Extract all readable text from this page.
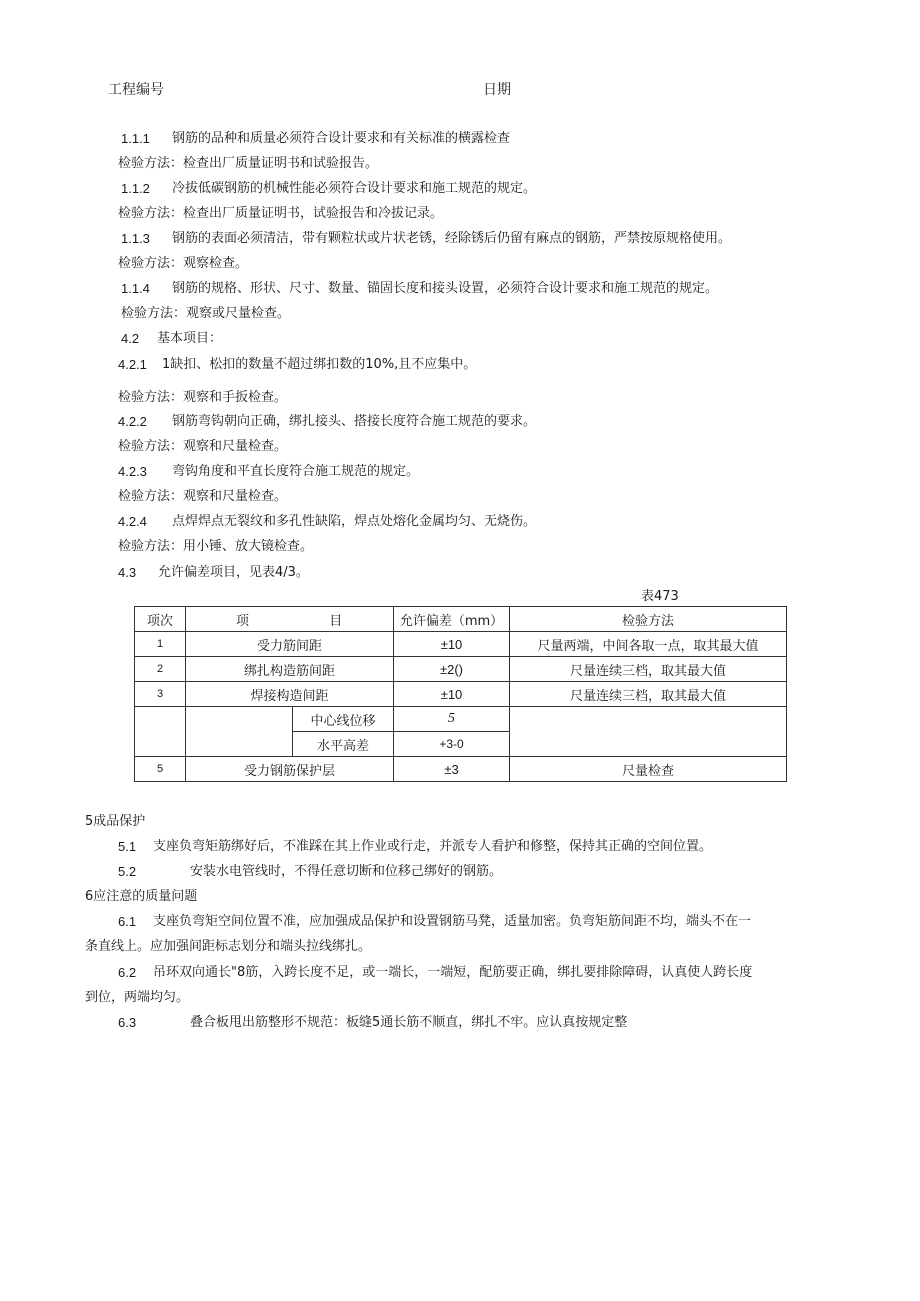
工程编号	日期
1.1.1 钢筋的品种和质量必须符合设计要求和有关标准的横露检查
检验方法：检查出厂质量证明书和试验报告。
1.1.2 冷拔低碳钢筋的机械性能必须符合设计要求和施工规范的规定。
检验方法：检查出厂质量证明书，试验报告和冷拔记录。
1.1.3 钢筋的表面必须清洁，带有颗粒状或片状老锈，经除锈后仍留有麻点的钢筋，严禁按原规格使用。
检验方法：观察检查。
1.1.4 钢筋的规格、形状、尺寸、数量、锚固长度和接头设置，必须符合设计要求和施工规范的规定。
检验方法：观察或尺量检查。
4.2 基本项目：
4.2.1 1缺扣、松扣的数量不超过绑扣数的10%,且不应集中。
检验方法：观察和手扳检查。
4.2.2 钢筋弯钩朝向正确，绑扎接头、搭接长度符合施工规范的要求。
检验方法：观察和尺量检查。
4.2.3 弯钩角度和平直长度符合施工规范的规定。
检验方法：观察和尺量检查。
4.2.4 点焊焊点无裂纹和多孔性缺陷，焊点处熔化金属均匀、无烧伤。
检验方法：用小锤、放大镜检查。
4.3 允许偏差项目，见表4/3。
表473
项次	项 目		允许偏差（mm）	检验方法
1	受力筋间距		±10	尺量两端，中间各取一点，取其最大值
2	绑扎构造筋间距		±2()	尺量连续三档，取其最大值
3	焊接构造间距		±10	尺量连续三档，取其最大值
		中心线位移	5	
		水平高差	+3-0	
5	受力钢筋保护层		±3	尺量检查
5成品保护
5.1 支座负弯矩筋绑好后，不准踩在其上作业或行走，并派专人看护和修整，保持其正确的空间位置。
5.2	安装水电管线时，不得任意切断和位移己绑好的钢筋。
6应注意的质量问题
6.1 支座负弯矩空间位置不准，应加强成品保护和设置钢筋马凳，适量加密。负弯矩筋间距不均，端头不在一
条直线上。应加强间距标志划分和端头拉线绑扎。
6.2 吊环双向通长"8筋，入跨长度不足，或一端长，一端短，配筋要正确，绑扎要排除障碍，认真使人跨长度
到位，两端均匀。
6.3	叠合板甩出筋整形不规范：板缝5通长筋不顺直，绑扎不牢。应认真按规定整
